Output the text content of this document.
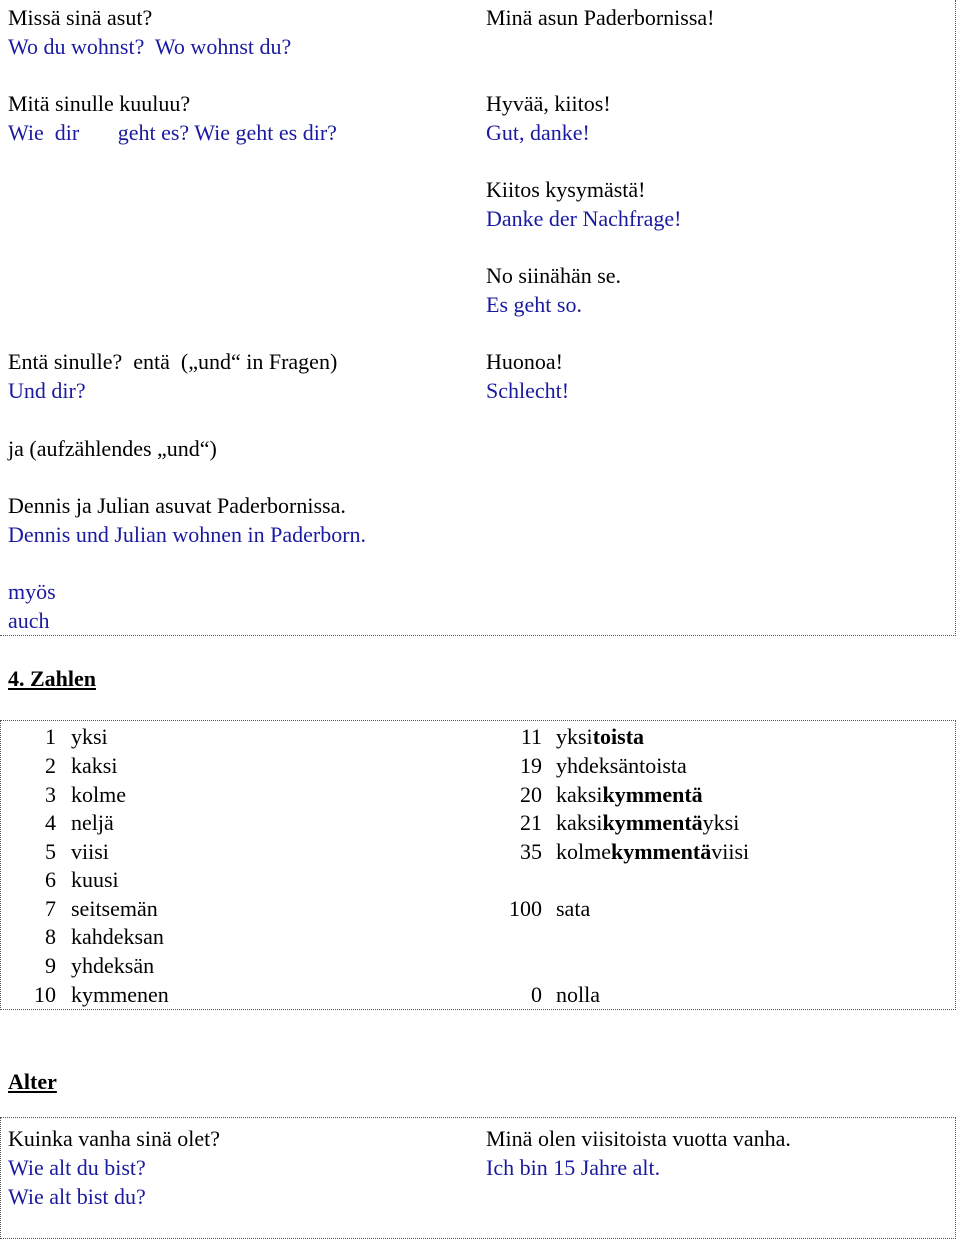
Missä sinä asut?
Wo du wohnst?  Wo wohnst du?
Mitä sinulle kuuluu?
Wie  dir       geht es? Wie geht es dir?
Entä sinulle?  entä  („und“ in Fragen)
Und dir?
ja (aufzählendes „und“)
Dennis ja Julian asuvat Paderbornissa.
Dennis und Julian wohnen in Paderborn.
myös
auch
Minä asun Paderbornissa!
Hyvää, kiitos!
Gut, danke!
Kiitos kysymästä!
Danke der Nachfrage!
No siinähän se.
Es geht so.
Huonoa!
Schlecht!
4. Zahlen
1 yksi
2 kaksi
3 kolme
4 neljä
5 viisi
6 kuusi
7 seitsemän
8 kahdeksan
9 yhdeksän
10 kymmenen
11 yksitoista
19 yhdeksäntoista
20 kaksikymmentä
21 kaksikymmentäyksi
35 kolmekymmentäviisi
100 sata
0 nolla
Alter
Kuinka vanha sinä olet?
Wie alt du bist?
Wie alt bist du?
Minä olen viisitoista vuotta vanha.
Ich bin 15 Jahre alt.
